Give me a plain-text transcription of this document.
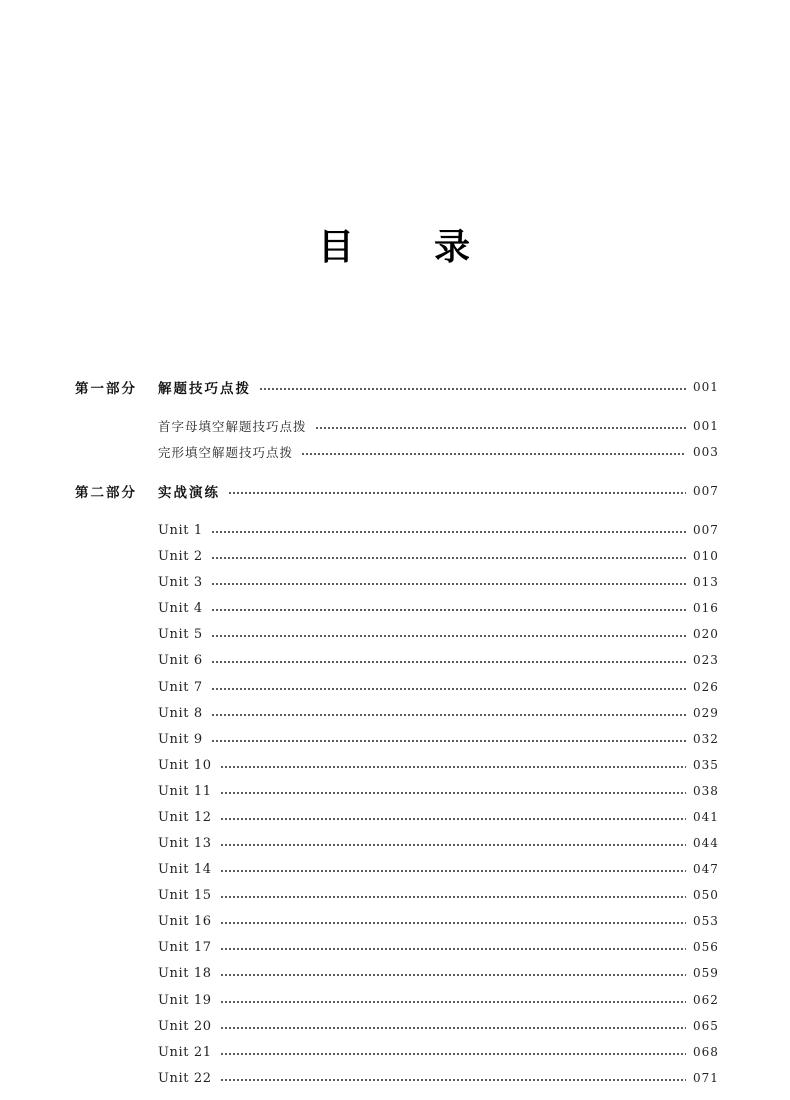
目 录
第一部分 解题技巧点拨	001
首字母填空解题技巧点拨	001
完形填空解题技巧点拨	003
第二部分 实战演练	007
Unit 1	007
Unit 2	010
Unit 3	013
Unit 4	016
Unit 5	020
Unit 6	023
Unit 7	026
Unit 8	029
Unit 9	032
Unit 10	035
Unit 11	038
Unit 12	041
Unit 13	044
Unit 14	047
Unit 15	050
Unit 16	053
Unit 17	056
Unit 18	059
Unit 19	062
Unit 20	065
Unit 21	068
Unit 22	071
